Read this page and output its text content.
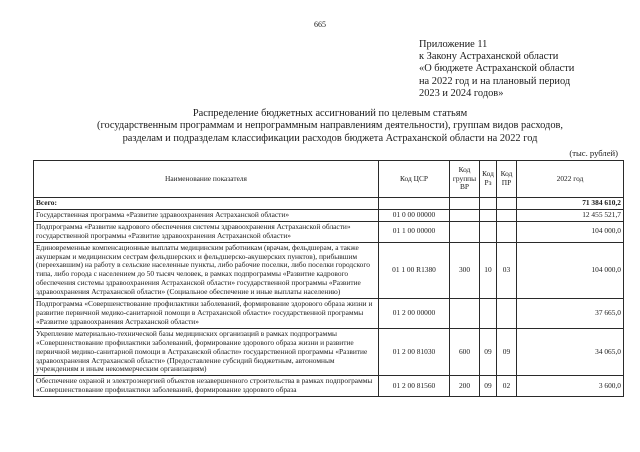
665
Приложение 11
к Закону Астраханской области
«О бюджете Астраханской области
на 2022 год и на плановый период
2023 и 2024 годов»
Распределение бюджетных ассигнований по целевым статьям
(государственным программам и непрограммным направлениям деятельности), группам видов расходов,
разделам и подразделам классификации расходов бюджета Астраханской области на 2022 год
(тыс. рублей)
Наименование показателя	Код ЦСР	Код группы ВР	Код Рз	Код ПР	2022 год
Всего:					71 384 610,2
Государственная программа «Развитие здравоохранения Астраханской области»	01 0 00 00000				12 455 521,7
Подпрограмма «Развитие кадрового обеспечения системы здравоохранения Астраханской области» государственной программы «Развитие здравоохранения Астраханской области»	01 1 00 00000				104 000,0
Единовременные компенсационные выплаты медицинским работникам (врачам, фельдшерам, а также акушеркам и медицинским сестрам фельдшерских и фельдшерско-акушерских пунктов), прибывшим (переехавшим) на работу в сельские населенные пункты, либо рабочие поселки, либо поселки городского типа, либо города с населением до 50 тысяч человек, в рамках подпрограммы «Развитие кадрового обеспечения системы здравоохранения Астраханской области» государственной программы «Развитие здравоохранения Астраханской области» (Социальное обеспечение и иные выплаты населению)	01 1 00 R1380	300	10	03	104 000,0
Подпрограмма «Совершенствование профилактики заболеваний, формирование здорового образа жизни и развитие первичной медико-санитарной помощи в Астраханской области» государственной программы «Развитие здравоохранения Астраханской области»	01 2 00 00000				37 665,0
Укрепление материально-технической базы медицинских организаций в рамках подпрограммы «Совершенствование профилактики заболеваний, формирование здорового образа жизни и развитие первичной медико-санитарной помощи в Астраханской области» государственной программы «Развитие здравоохранения Астраханской области» (Предоставление субсидий бюджетным, автономным учреждениям и иным некоммерческим организациям)	01 2 00 81030	600	09	09	34 065,0
Обеспечение охраной и электроэнергией объектов незавершенного строительства в рамках подпрограммы «Совершенствование профилактики заболеваний, формирование здорового образа	01 2 00 81560	200	09	02	3 600,0
